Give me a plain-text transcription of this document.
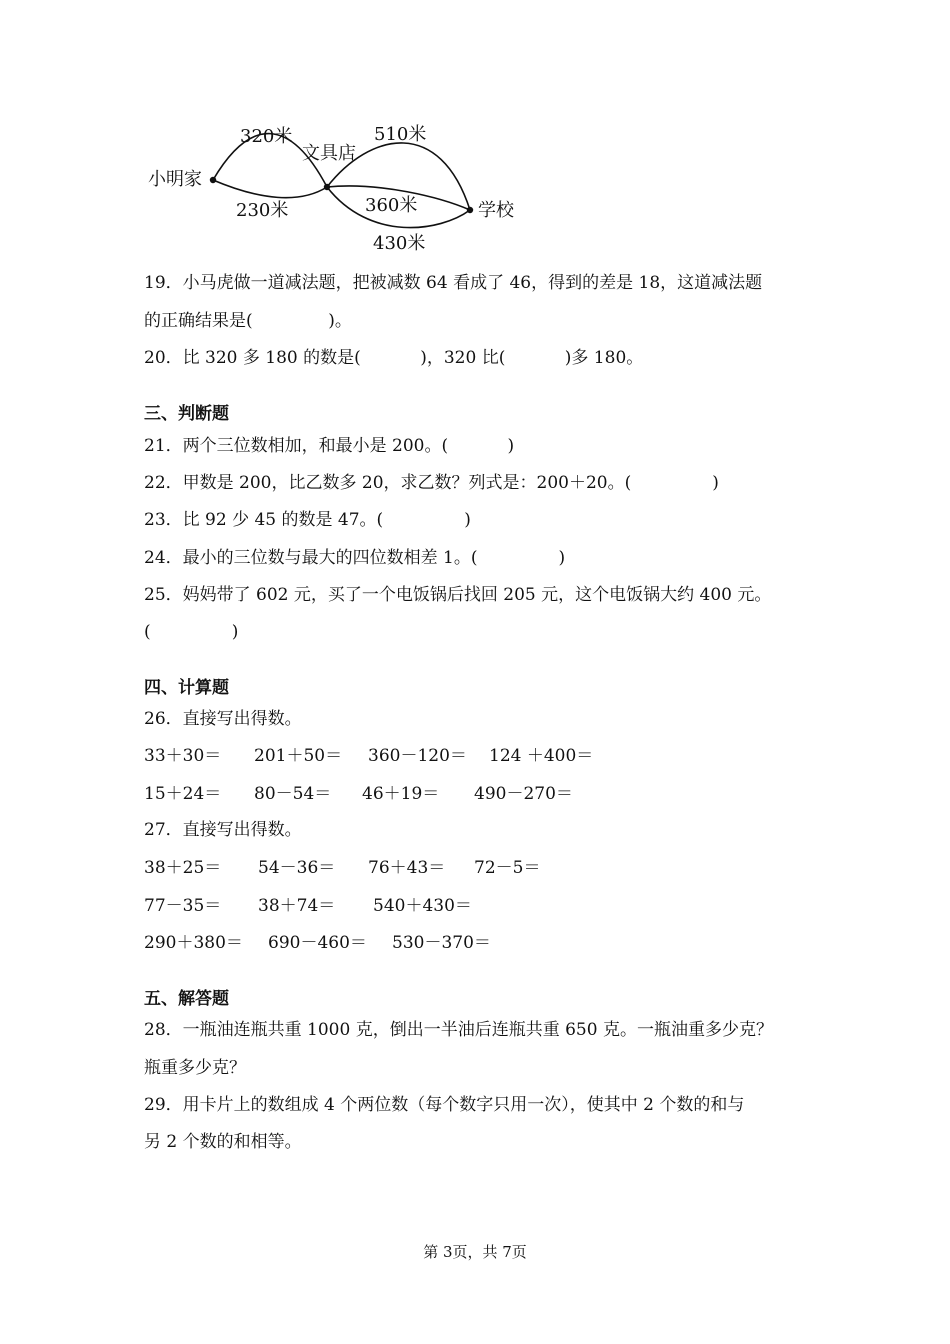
小明家
文具店
学校
320米
230米
510米
360米
430米
19．小马虎做一道减法题，把被减数 64 看成了 46，得到的差是 18，这道减法题
的正确结果是(              )。
20．比 320 多 180 的数是(           )，320 比(           )多 180。
三、判断题
21．两个三位数相加，和最小是 200。(           )
22．甲数是 200，比乙数多 20，求乙数？列式是：200＋20。(               )
23．比 92 少 45 的数是 47。(               )
24．最小的三位数与最大的四位数相差 1。(               )
25．妈妈带了 602 元，买了一个电饭锅后找回 205 元，这个电饭锅大约 400 元。
(               )
四、计算题
26．直接写出得数。

33＋30＝

201＋50＝

360－120＝

124 ＋400＝

15＋24＝

80－54＝

46＋19＝

490－270＝

27．直接写出得数。

38＋25＝

54－36＝

76＋43＝

72－5＝

77－35＝

38＋74＝

540＋430＝

290＋380＝

690－460＝

530－370＝

五、解答题
28．一瓶油连瓶共重 1000 克，倒出一半油后连瓶共重 650 克。一瓶油重多少克？
瓶重多少克？
29．用卡片上的数组成 4 个两位数（每个数字只用一次），使其中 2 个数的和与
另 2 个数的和相等。
第 3页，共 7页
